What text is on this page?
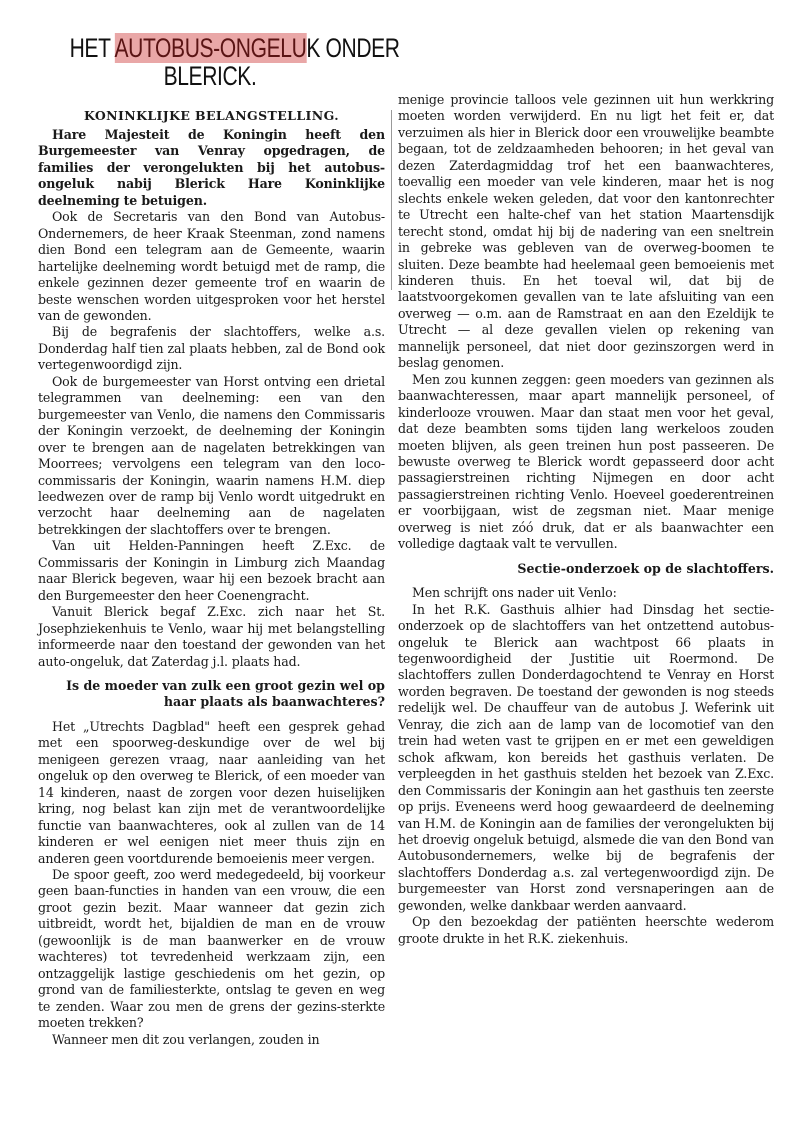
HET AUTOBUS-ONGELUK ONDER
BLERICK.
KONINKLIJKE BELANGSTELLING.

Hare Majesteit de Koningin heeft den Burgemeester van Venray opgedragen, de families der verongelukten bij het autobus-ongeluk nabij Blerick Hare Koninklijke deelneming te betuigen.

Ook de Secretaris van den Bond van Autobus-Ondernemers, de heer Kraak Steenman, zond namens dien Bond een telegram aan de Gemeente, waarin hartelijke deelneming wordt betuigd met de ramp, die enkele gezinnen dezer gemeente trof en waarin de beste wenschen worden uitgesproken voor het herstel van de gewonden.

Bij de begrafenis der slachtoffers, welke a.s. Donderdag half tien zal plaats hebben, zal de Bond ook vertegenwoordigd zijn.

Ook de burgemeester van Horst ontving een drietal telegrammen van deelneming: een van den burgemeester van Venlo, die namens den Commissaris der Koningin verzoekt, de deelneming der Koningin over te brengen aan de nagelaten betrekkingen van Moorrees; vervolgens een telegram van den loco-commissaris der Koningin, waarin namens H.M. diep leedwezen over de ramp bij Venlo wordt uitgedrukt en verzocht haar deelneming aan de nagelaten betrekkingen der slachtoffers over te brengen.

Van uit Helden-Panningen heeft Z.Exc. de Commissaris der Koningin in Limburg zich Maandag naar Blerick begeven, waar hij een bezoek bracht aan den Burgemeester den heer Coenengracht.

Vanuit Blerick begaf Z.Exc. zich naar het St. Josephziekenhuis te Venlo, waar hij met belangstelling informeerde naar den toestand der gewonden van het auto-ongeluk, dat Zaterdag j.l. plaats had.

Is de moeder van zulk een groot gezin wel op haar plaats als baanwachteres?

Het „Utrechts Dagblad" heeft een gesprek gehad met een spoorweg-deskundige over de wel bij menigeen gerezen vraag, naar aanleiding van het ongeluk op den overweg te Blerick, of een moeder van 14 kinderen, naast de zorgen voor dezen huiselijken kring, nog belast kan zijn met de verantwoordelijke functie van baanwachteres, ook al zullen van de 14 kinderen er wel eenigen niet meer thuis zijn en anderen geen voortdurende bemoeienis meer vergen.

De spoor geeft, zoo werd medegedeeld, bij voorkeur geen baan-functies in handen van een vrouw, die een groot gezin bezit. Maar wanneer dat gezin zich uitbreidt, wordt het, bijaldien de man en de vrouw (gewoonlijk is de man baanwerker en de vrouw wachteres) tot tevredenheid werkzaam zijn, een ontzaggelijk lastige geschiedenis om het gezin, op grond van de familiesterkte, ontslag te geven en weg te zenden. Waar zou men de grens der gezins-sterkte moeten trekken?

Wanneer men dit zou verlangen, zouden in

menige provincie talloos vele gezinnen uit hun werkkring moeten worden verwijderd. En nu ligt het feit er, dat verzuimen als hier in Blerick door een vrouwelijke beambte begaan, tot de zeldzaamheden behooren; in het geval van dezen Zaterdagmiddag trof het een baanwachteres, toevallig een moeder van vele kinderen, maar het is nog slechts enkele weken geleden, dat voor den kantonrechter te Utrecht een halte-chef van het station Maartensdijk terecht stond, omdat hij bij de nadering van een sneltrein in gebreke was gebleven van de overweg-boomen te sluiten. Deze beambte had heelemaal geen bemoeienis met kinderen thuis. En het toeval wil, dat bij de laatstvoorgekomen gevallen van te late afsluiting van een overweg — o.m. aan de Ramstraat en aan den Ezeldijk te Utrecht — al deze gevallen vielen op rekening van mannelijk personeel, dat niet door gezinszorgen werd in beslag genomen.

Men zou kunnen zeggen: geen moeders van gezinnen als baanwachteressen, maar apart mannelijk personeel, of kinderlooze vrouwen. Maar dan staat men voor het geval, dat deze beambten soms tijden lang werkeloos zouden moeten blijven, als geen treinen hun post passeeren. De bewuste overweg te Blerick wordt gepasseerd door acht passagierstreinen richting Nijmegen en door acht passagierstreinen richting Venlo. Hoeveel goederentreinen er voorbijgaan, wist de zegsman niet. Maar menige overweg is niet zóó druk, dat er als baanwachter een volledige dagtaak valt te vervullen.

Sectie-onderzoek op de slachtoffers.

Men schrijft ons nader uit Venlo:

In het R.K. Gasthuis alhier had Dinsdag het sectie-onderzoek op de slachtoffers van het ontzettend autobus-ongeluk te Blerick aan wachtpost 66 plaats in tegenwoordigheid der Justitie uit Roermond. De slachtoffers zullen Donderdagochtend te Venray en Horst worden begraven. De toestand der gewonden is nog steeds redelijk wel. De chauffeur van de autobus J. Weferink uit Venray, die zich aan de lamp van de locomotief van den trein had weten vast te grijpen en er met een geweldigen schok afkwam, kon bereids het gasthuis verlaten. De verpleegden in het gasthuis stelden het bezoek van Z.Exc. den Commissaris der Koningin aan het gasthuis ten zeerste op prijs. Eveneens werd hoog gewaardeerd de deelneming van H.M. de Koningin aan de families der verongelukten bij het droevig ongeluk betuigd, alsmede die van den Bond van Autobusondernemers, welke bij de begrafenis der slachtoffers Donderdag a.s. zal vertegenwoordigd zijn. De burgemeester van Horst zond versnaperingen aan de gewonden, welke dankbaar werden aanvaard.

Op den bezoekdag der patiënten heerschte wederom groote drukte in het R.K. ziekenhuis.
